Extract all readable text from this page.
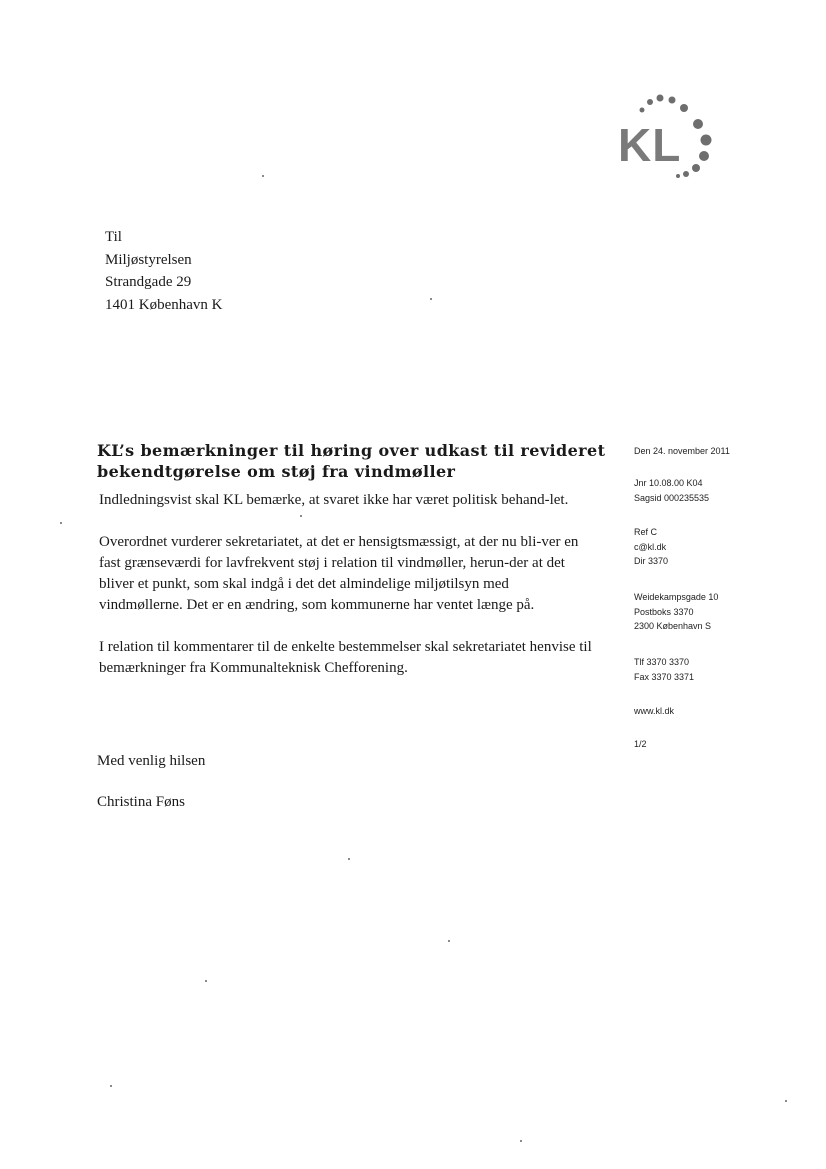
KL
Til
Miljøstyrelsen
Strandgade 29
1401 København K
KL’s bemærkninger til høring over udkast til revideret
bekendtgørelse om støj fra vindmøller

Indledningsvist skal KL bemærke, at svaret ikke har været politisk behand-let.

Overordnet vurderer sekretariatet, at det er hensigtsmæssigt, at der nu bli-ver en fast grænseværdi for lavfrekvent støj i relation til vindmøller, herun-der at det bliver et punkt, som skal indgå i det det almindelige miljøtilsyn med vindmøllerne. Det er en ændring, som kommunerne har ventet længe på.

I relation til kommentarer til de enkelte bestemmelser skal sekretariatet henvise til bemærkninger fra Kommunalteknisk Chefforening.

Med venlig hilsen
Christina Føns
Den 24. november 2011
Jnr 10.08.00 K04
Sagsid 000235535
Ref C
c@kl.dk
Dir 3370
Weidekampsgade 10
Postboks 3370
2300 København S
Tlf 3370 3370
Fax 3370 3371
www.kl.dk
1/2
